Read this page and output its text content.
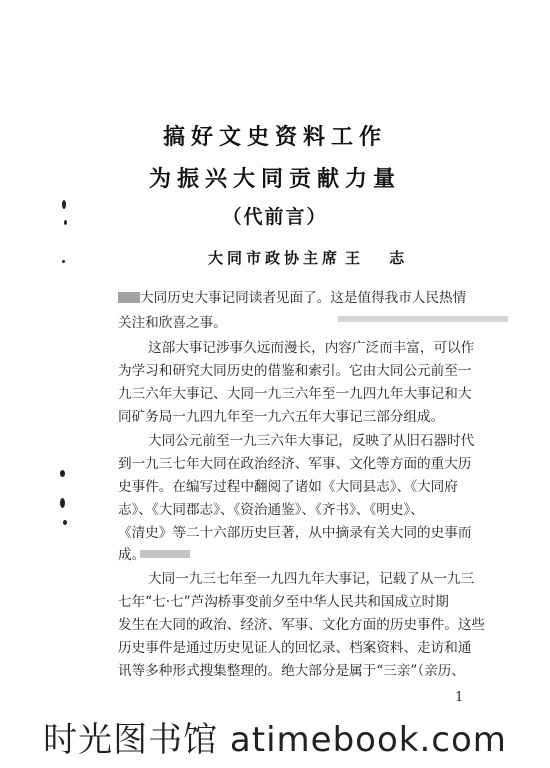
搞好文史资料工作
为振兴大同贡献力量
（代前言）
大同市政协主席 王 志
大同历史大事记同读者见面了。这是值得我市人民热情
关注和欣喜之事。
这部大事记涉事久远而漫长，内容广泛而丰富，可以作
为学习和研究大同历史的借鉴和索引。它由大同公元前至一
九三六年大事记、大同一九三六年至一九四九年大事记和大
同矿务局一九四九年至一九六五年大事记三部分组成。
大同公元前至一九三六年大事记，反映了从旧石器时代
到一九三七年大同在政治经济、军事、文化等方面的重大历
史事件。在编写过程中翻阅了诸如《大同县志》、《大同府
志》、《大同郡志》、《资治通鉴》、《齐书》、《明史》、
《清史》等二十六部历史巨著，从中摘录有关大同的史事而
成。
大同一九三七年至一九四九年大事记，记载了从一九三
七年“七·七”芦沟桥事变前夕至中华人民共和国成立时期
发生在大同的政治、经济、军事、文化方面的历史事件。这些
历史事件是通过历史见证人的回忆录、档案资料、走访和通
讯等多种形式搜集整理的。绝大部分是属于“三亲”（亲历、
1
时光图书馆 atimebook.com
